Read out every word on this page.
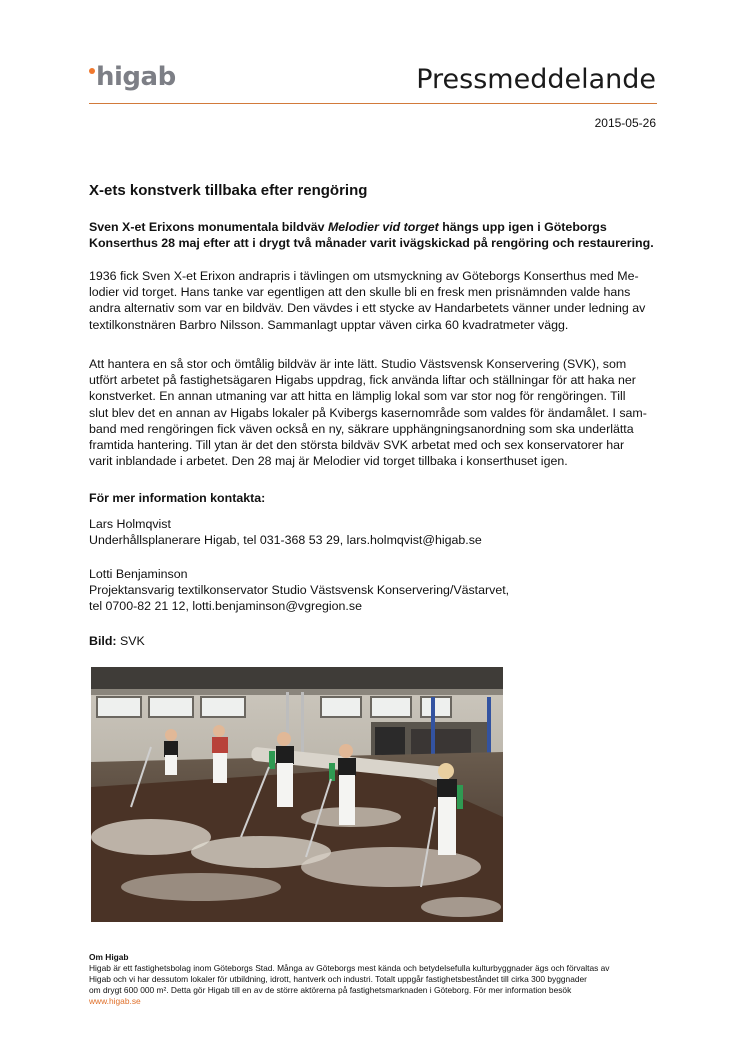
higab	Pressmeddelande
2015-05-26
X-ets konstverk tillbaka efter rengöring

Sven X-et Erixons monumentala bildväv Melodier vid torget hängs upp igen i Göteborgs Konserthus 28 maj efter att i drygt två månader varit ivägskickad på rengöring och restaurering.

1936 fick Sven X-et Erixon andrapris i tävlingen om utsmyckning av Göteborgs Konserthus med Me-
lodier vid torget. Hans tanke var egentligen att den skulle bli en fresk men prisnämnden valde hans
andra alternativ som var en bildväv. Den vävdes i ett stycke av Handarbetets vänner under ledning av
textilkonstnären Barbro Nilsson. Sammanlagt upptar väven cirka 60 kvadratmeter vägg.
Att hantera en så stor och ömtålig bildväv är inte lätt. Studio Västsvensk Konservering (SVK), som
utfört arbetet på fastighetsägaren Higabs uppdrag, fick använda liftar och ställningar för att haka ner
konstverket. En annan utmaning var att hitta en lämplig lokal som var stor nog för rengöringen. Till
slut blev det en annan av Higabs lokaler på Kvibergs kasernområde som valdes för ändamålet. I sam-
band med rengöringen fick väven också en ny, säkrare upphängningsanordning som ska underlätta
framtida hantering. Till ytan är det den största bildväv SVK arbetat med och sex konservatorer har
varit inblandade i arbetet. Den 28 maj är Melodier vid torget tillbaka i konserthuset igen.
För mer information kontakta:
Lars Holmqvist
Underhållsplanerare Higab, tel 031-368 53 29, lars.holmqvist@higab.se
Lotti Benjaminson
Projektansvarig textilkonservator Studio Västsvensk Konservering/Västarvet,
tel 0700-82 21 12, lotti.benjaminson@vgregion.se
Bild: SVK
Om Higab
Higab är ett fastighetsbolag inom Göteborgs Stad. Många av Göteborgs mest kända och betydelsefulla kulturbyggnader ägs och förvaltas av
Higab och vi har dessutom lokaler för utbildning, idrott, hantverk och industri. Totalt uppgår fastighetsbeståndet till cirka 300 byggnader
om drygt 600 000 m². Detta gör Higab till en av de större aktörerna på fastighetsmarknaden i Göteborg. För mer information besök
www.higab.se
